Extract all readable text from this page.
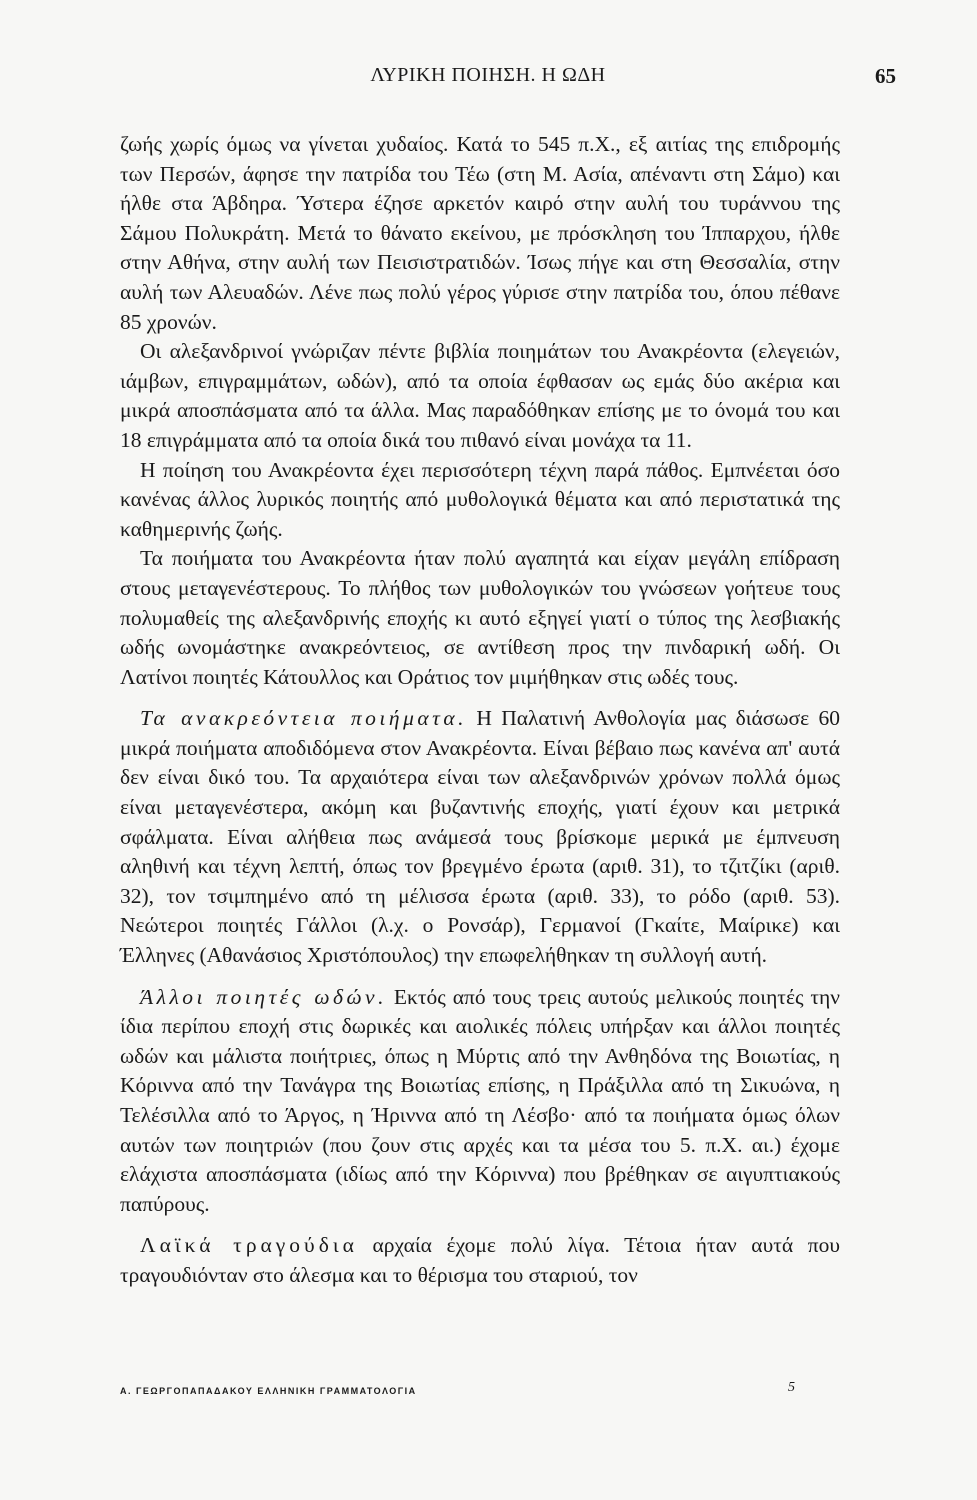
ΛΥΡΙΚΗ ΠΟΙΗΣΗ. Η ΩΔΗ	65

ζωής χωρίς όμως να γίνεται χυδαίος. Κατά το 545 π.Χ., εξ αιτίας της επιδρομής των Περσών, άφησε την πατρίδα του Τέω (στη Μ. Ασία, απέναντι στη Σάμο) και ήλθε στα Άβδηρα. Ύστερα έζησε αρκετόν καιρό στην αυλή του τυράννου της Σάμου Πολυκράτη. Μετά το θάνατο εκείνου, με πρόσκληση του Ίππαρχου, ήλθε στην Αθήνα, στην αυλή των Πεισιστρατιδών. Ίσως πήγε και στη Θεσσαλία, στην αυλή των Αλευαδών. Λένε πως πολύ γέρος γύρισε στην πατρίδα του, όπου πέθανε 85 χρονών.

Οι αλεξανδρινοί γνώριζαν πέντε βιβλία ποιημάτων του Ανακρέοντα (ελεγειών, ιάμβων, επιγραμμάτων, ωδών), από τα οποία έφθασαν ως εμάς δύο ακέρια και μικρά αποσπάσματα από τα άλλα. Μας παραδόθηκαν επίσης με το όνομά του και 18 επιγράμματα από τα οποία δικά του πιθανό είναι μονάχα τα 11.

Η ποίηση του Ανακρέοντα έχει περισσότερη τέχνη παρά πάθος. Εμπνέεται όσο κανένας άλλος λυρικός ποιητής από μυθολογικά θέματα και από περιστατικά της καθημερινής ζωής.

Τα ποιήματα του Ανακρέοντα ήταν πολύ αγαπητά και είχαν μεγάλη επίδραση στους μεταγενέστερους. Το πλήθος των μυθολογικών του γνώσεων γοήτευε τους πολυμαθείς της αλεξανδρινής εποχής κι αυτό εξηγεί γιατί ο τύπος της λεσβιακής ωδής ωνομάστηκε ανακρεόντειος, σε αντίθεση προς την πινδαρική ωδή. Οι Λατίνοι ποιητές Κάτουλλος και Οράτιος τον μιμήθηκαν στις ωδές τους.

Τα ανακρεόντεια ποιήματα. Η Παλατινή Ανθολογία μας διάσωσε 60 μικρά ποιήματα αποδιδόμενα στον Ανακρέοντα. Είναι βέβαιο πως κανένα απ' αυτά δεν είναι δικό του. Τα αρχαιότερα είναι των αλεξανδρινών χρόνων πολλά όμως είναι μεταγενέστερα, ακόμη και βυζαντινής εποχής, γιατί έχουν και μετρικά σφάλματα. Είναι αλήθεια πως ανάμεσά τους βρίσκομε μερικά με έμπνευση αληθινή και τέχνη λεπτή, όπως τον βρεγμένο έρωτα (αριθ. 31), το τζιτζίκι (αριθ. 32), τον τσιμπημένο από τη μέλισσα έρωτα (αριθ. 33), το ρόδο (αριθ. 53). Νεώτεροι ποιητές Γάλλοι (λ.χ. ο Ρονσάρ), Γερμανοί (Γκαίτε, Μαίρικε) και Έλληνες (Αθανάσιος Χριστόπουλος) την επωφελήθηκαν τη συλλογή αυτή.

Άλλοι ποιητές ωδών. Εκτός από τους τρεις αυτούς μελικούς ποιητές την ίδια περίπου εποχή στις δωρικές και αιολικές πόλεις υπήρξαν και άλλοι ποιητές ωδών και μάλιστα ποιήτριες, όπως η Μύρτις από την Ανθηδόνα της Βοιωτίας, η Κόριννα από την Τανάγρα της Βοιωτίας επίσης, η Πράξιλλα από τη Σικυώνα, η Τελέσιλλα από το Άργος, η Ήριννα από τη Λέσβο· από τα ποιήματα όμως όλων αυτών των ποιητριών (που ζουν στις αρχές και τα μέσα του 5. π.Χ. αι.) έχομε ελάχιστα αποσπάσματα (ιδίως από την Κόριννα) που βρέθηκαν σε αιγυπτιακούς παπύρους.

Λαϊκά τραγούδια αρχαία έχομε πολύ λίγα. Τέτοια ήταν αυτά που τραγουδιόνταν στο άλεσμα και το θέρισμα του σταριού, τον

Α. ΓΕΩΡΓΟΠΑΠΑΔΑΚΟΥ ΕΛΛΗΝΙΚΗ ΓΡΑΜΜΑΤΟΛΟΓΙΑ	5
